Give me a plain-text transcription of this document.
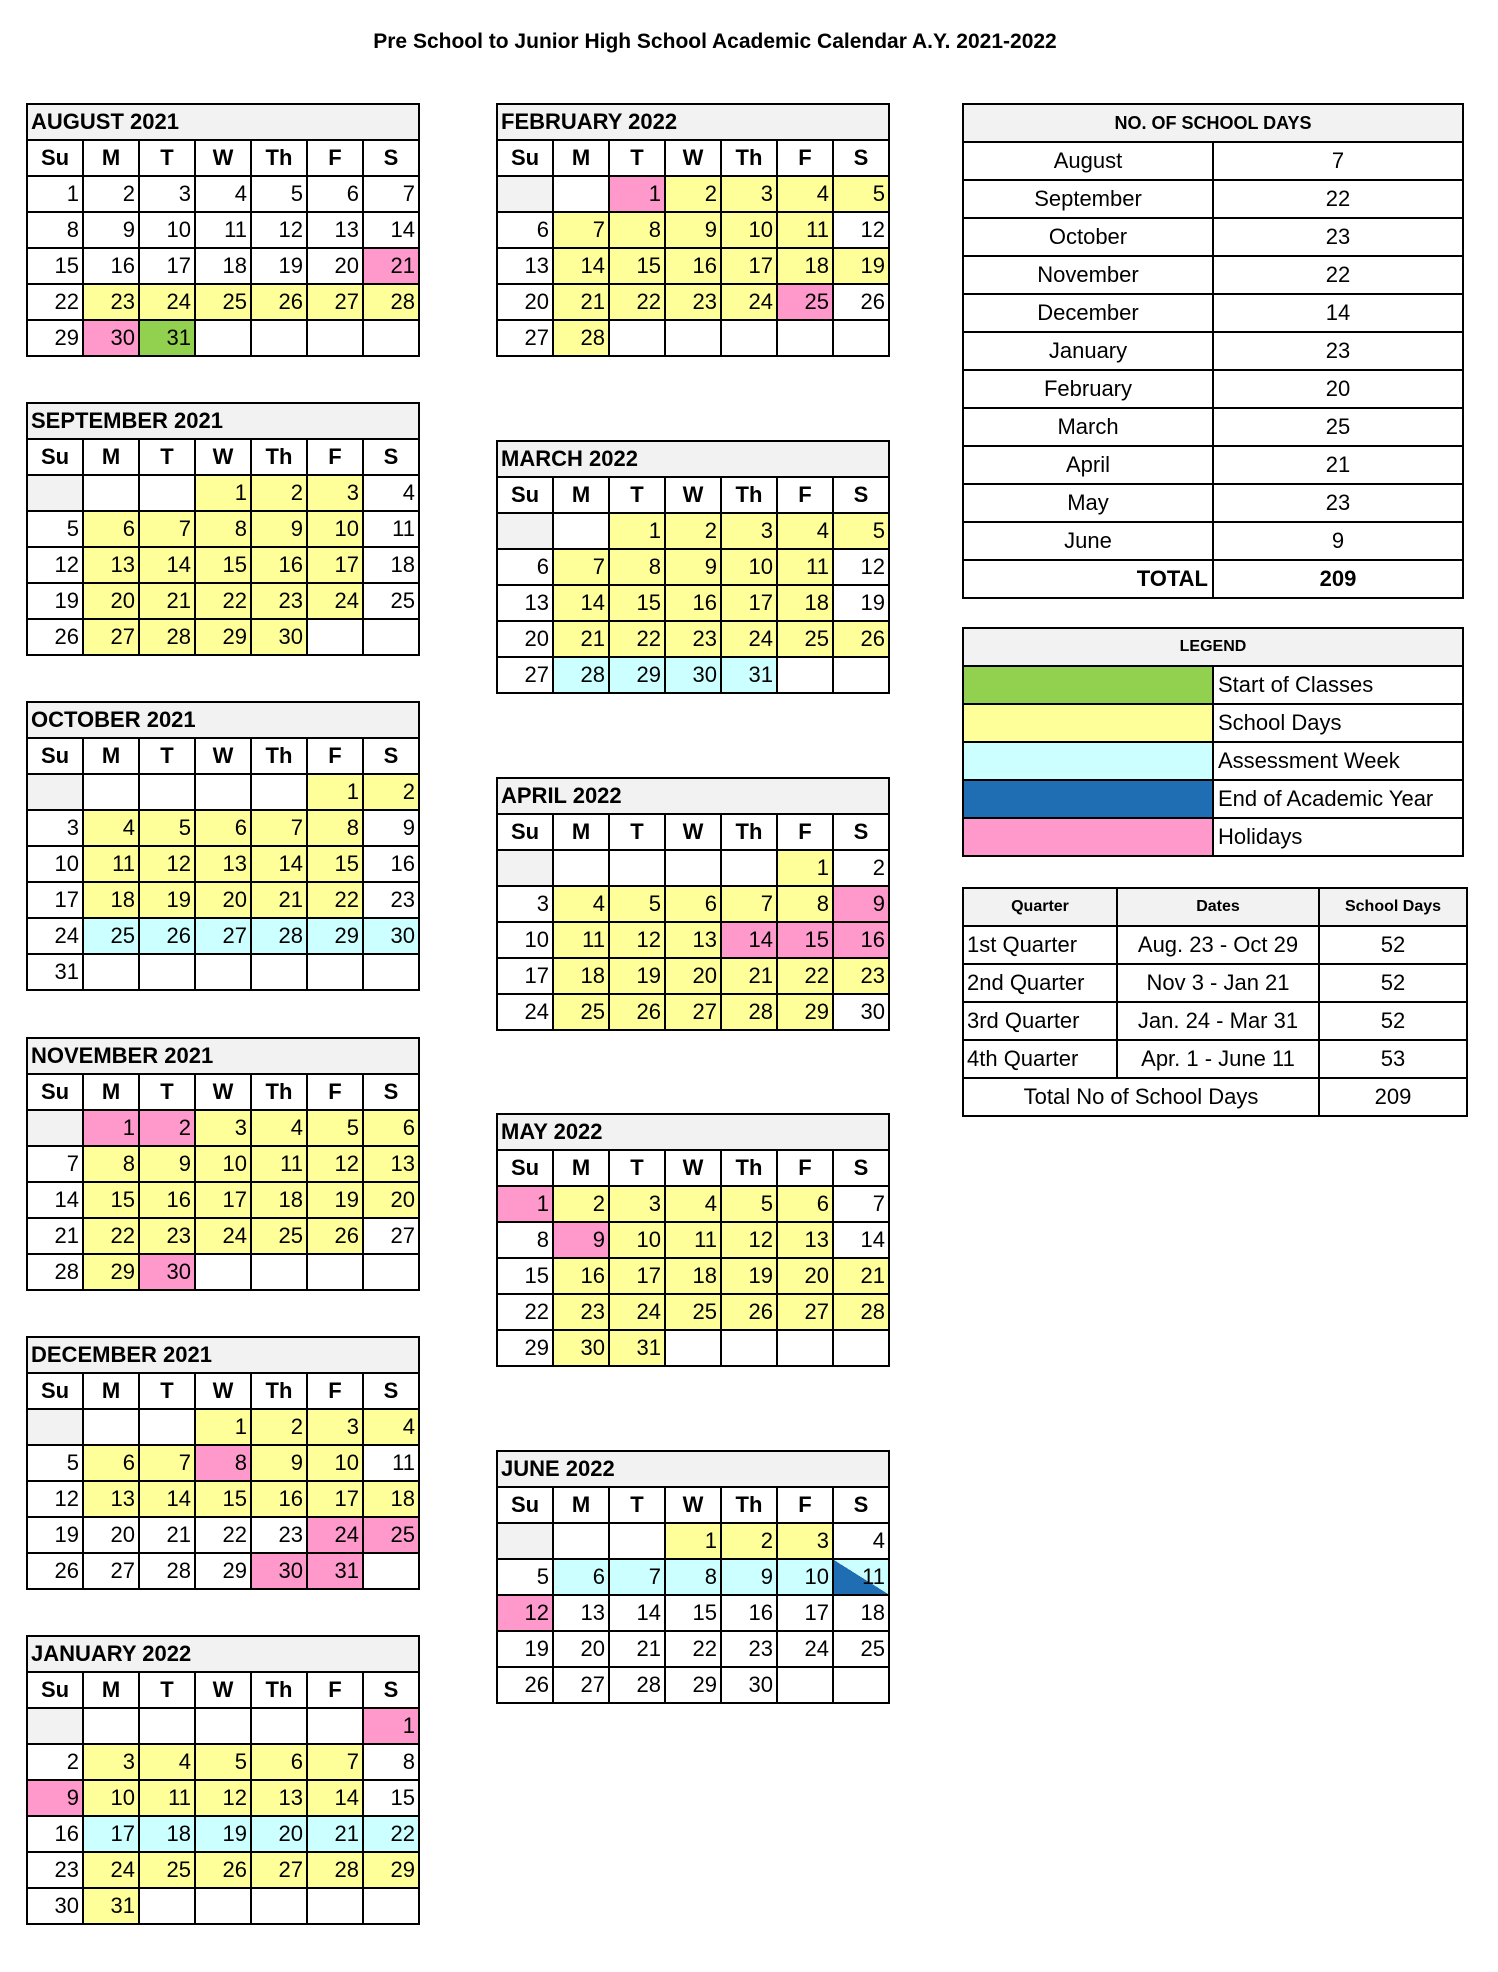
Pre School to Junior High School Academic Calendar A.Y. 2021-2022
AUGUST 2021						
Su	M	T	W	Th	F	S
1	2	3	4	5	6	7
8	9	10	11	12	13	14
15	16	17	18	19	20	21
22	23	24	25	26	27	28
29	30	31				
SEPTEMBER 2021						
Su	M	T	W	Th	F	S
			1	2	3	4
5	6	7	8	9	10	11
12	13	14	15	16	17	18
19	20	21	22	23	24	25
26	27	28	29	30		
OCTOBER 2021						
Su	M	T	W	Th	F	S
					1	2
3	4	5	6	7	8	9
10	11	12	13	14	15	16
17	18	19	20	21	22	23
24	25	26	27	28	29	30
31						
NOVEMBER 2021						
Su	M	T	W	Th	F	S
	1	2	3	4	5	6
7	8	9	10	11	12	13
14	15	16	17	18	19	20
21	22	23	24	25	26	27
28	29	30				
DECEMBER 2021						
Su	M	T	W	Th	F	S
			1	2	3	4
5	6	7	8	9	10	11
12	13	14	15	16	17	18
19	20	21	22	23	24	25
26	27	28	29	30	31	
JANUARY 2022						
Su	M	T	W	Th	F	S
						1
2	3	4	5	6	7	8
9	10	11	12	13	14	15
16	17	18	19	20	21	22
23	24	25	26	27	28	29
30	31					
FEBRUARY 2022						
Su	M	T	W	Th	F	S
		1	2	3	4	5
6	7	8	9	10	11	12
13	14	15	16	17	18	19
20	21	22	23	24	25	26
27	28					
MARCH 2022						
Su	M	T	W	Th	F	S
		1	2	3	4	5
6	7	8	9	10	11	12
13	14	15	16	17	18	19
20	21	22	23	24	25	26
27	28	29	30	31		
APRIL 2022						
Su	M	T	W	Th	F	S
					1	2
3	4	5	6	7	8	9
10	11	12	13	14	15	16
17	18	19	20	21	22	23
24	25	26	27	28	29	30
MAY 2022						
Su	M	T	W	Th	F	S
1	2	3	4	5	6	7
8	9	10	11	12	13	14
15	16	17	18	19	20	21
22	23	24	25	26	27	28
29	30	31				
JUNE 2022						
Su	M	T	W	Th	F	S
			1	2	3	4
5	6	7	8	9	10	11
12	13	14	15	16	17	18
19	20	21	22	23	24	25
26	27	28	29	30		
NO. OF SCHOOL DAYS	
August	7
September	22
October	23
November	22
December	14
January	23
February	20
March	25
April	21
May	23
June	9
TOTAL	209
LEGEND	
	Start of Classes
	School Days
	Assessment Week
	End of Academic Year
	Holidays
Quarter	Dates	School Days
1st Quarter	Aug. 23 - Oct 29	52
2nd Quarter	Nov 3 - Jan 21	52
3rd Quarter	Jan. 24 - Mar 31	52
4th Quarter	Apr. 1 - June 11	53
Total No of School Days		209
